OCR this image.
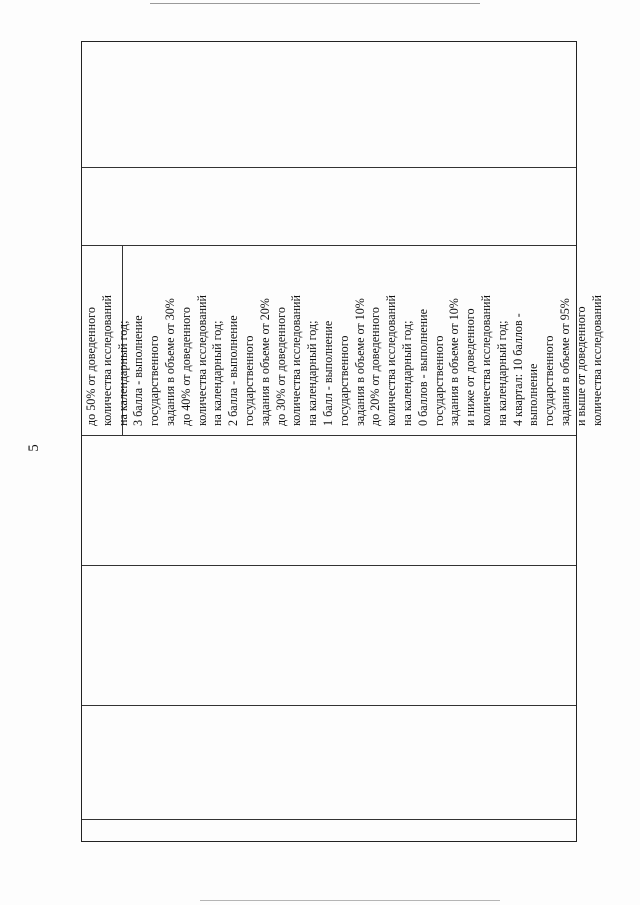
5
до 50% от доведенного количества исследований на календарный год; 3 балла - выполнение государственного задания в объеме от 30% до 40% от доведенного количества исследований на календарный год; 2 балла - выполнение государственного задания в объеме от 20% до 30% от доведенного количества исследований на календарный год; 1 балл - выполнение государственного задания в объеме от 10% до 20% от доведенного количества исследований на календарный год; 0 баллов - выполнение государственного задания в объеме от 10% и ниже от доведенного количества исследований на календарный год; 4 квартал: 10 баллов - выполнение государственного задания в объеме от 95% и выше от доведенного количества исследований
